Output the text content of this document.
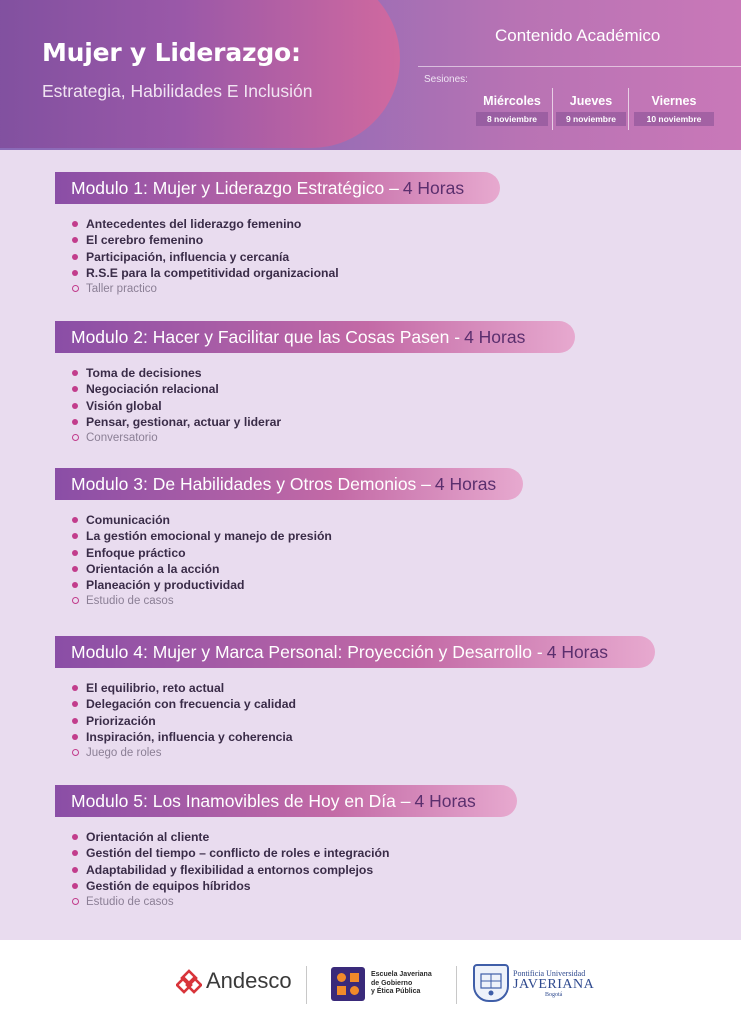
Mujer y Liderazgo:
Estrategia, Habilidades E Inclusión
Contenido Académico
Sesiones:
Miércoles
8 noviembre
Jueves
9 noviembre
Viernes
10 noviembre
Modulo 1: Mujer y Liderazgo Estratégico – 4 Horas
Antecedentes del liderazgo femenino
El cerebro femenino
Participación, influencia y cercanía
R.S.E para la competitividad organizacional
Taller practico
Modulo 2: Hacer y Facilitar que las Cosas Pasen - 4 Horas
Toma de decisiones
Negociación relacional
Visión global
Pensar, gestionar, actuar y liderar
Conversatorio
Modulo 3: De Habilidades y Otros Demonios – 4 Horas
Comunicación
La gestión emocional y manejo de presión
Enfoque práctico
Orientación a la acción
Planeación y productividad
Estudio de casos
Modulo 4: Mujer y Marca Personal: Proyección y Desarrollo - 4 Horas
El equilibrio, reto actual
Delegación con frecuencia y calidad
Priorización
Inspiración, influencia y coherencia
Juego de roles
Modulo 5: Los Inamovibles de Hoy en Día – 4 Horas
Orientación al cliente
Gestión del tiempo – conflicto de roles e integración
Adaptabilidad y flexibilidad a entornos complejos
Gestión de equipos híbridos
Estudio de casos
Andesco	Escuela Javeriana
de Gobierno
y Ética Pública
Pontificia Universidad
JAVERIANA
Bogotá
